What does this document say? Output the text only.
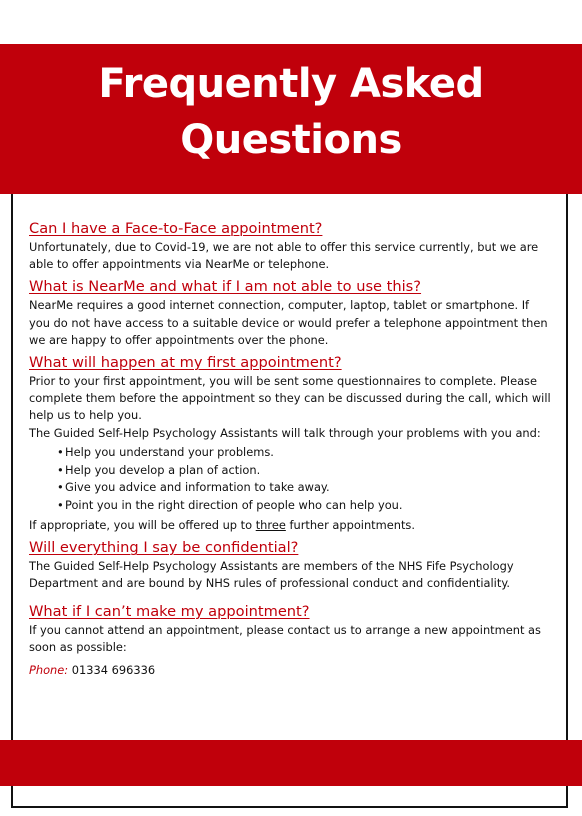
Frequently Asked
Questions
Can I have a Face-to-Face appointment?

Unfortunately, due to Covid-19, we are not able to offer this service currently, but we are able to offer appointments via NearMe or telephone.

What is NearMe and what if I am not able to use this?

NearMe requires a good internet connection, computer, laptop, tablet or smartphone. If you do not have access to a suitable device or would prefer a telephone appointment then we are happy to offer appointments over the phone.

What will happen at my first appointment?

Prior to your first appointment, you will be sent some questionnaires to complete. Please complete them before the appointment so they can be discussed during the call, which will help us to help you.

The Guided Self-Help Psychology Assistants will talk through your problems with you and:

• Help you understand your problems.
• Help you develop a plan of action.
• Give you advice and information to take away.
• Point you in the right direction of people who can help you.

If appropriate, you will be offered up to three further appointments.

Will everything I say be confidential?

The Guided Self-Help Psychology Assistants are members of the NHS Fife Psychology Department and are bound by NHS rules of professional conduct and confidentiality.

What if I can’t make my appointment?

If you cannot attend an appointment, please contact us to arrange a new appointment as soon as possible:

Phone: 01334 696336
